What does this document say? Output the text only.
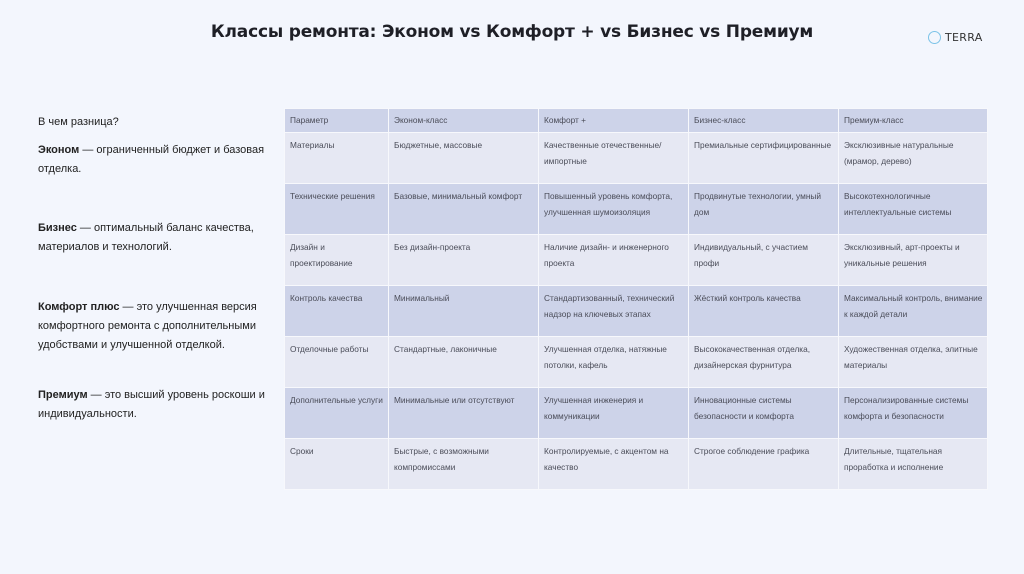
Классы ремонта: Эконом vs Комфорт + vs Бизнес vs Премиум	TERRA

В чем разница?

Эконом — ограниченный бюджет и базовая отделка.

Бизнес — оптимальный баланс качества, материалов и технологий.

Комфорт плюс — это улучшенная версия комфортного ремонта с дополнительными удобствами и улучшенной отделкой.

Премиум — это высший уровень роскоши и индивидуальности.

Параметр	Эконом-класс	Комфорт +	Бизнес-класс	Премиум-класс
Материалы	Бюджетные, массовые	Качественные отечественные/импортные	Премиальные сертифицированные	Эксклюзивные натуральные (мрамор, дерево)
Технические решения	Базовые, минимальный комфорт	Повышенный уровень комфорта, улучшенная шумоизоляция	Продвинутые технологии, умный дом	Высокотехнологичные интеллектуальные системы
Дизайн и проектирование	Без дизайн-проекта	Наличие дизайн- и инженерного проекта	Индивидуальный, с участием профи	Эксклюзивный, арт-проекты и уникальные решения
Контроль качества	Минимальный	Стандартизованный, технический надзор на ключевых этапах	Жёсткий контроль качества	Максимальный контроль, внимание к каждой детали
Отделочные работы	Стандартные, лаконичные	Улучшенная отделка, натяжные потолки, кафель	Высококачественная отделка, дизайнерская фурнитура	Художественная отделка, элитные материалы
Дополнительные услуги	Минимальные или отсутствуют	Улучшенная инженерия и коммуникации	Инновационные системы безопасности и комфорта	Персонализированные системы комфорта и безопасности
Сроки	Быстрые, с возможными компромиссами	Контролируемые, с акцентом на качество	Строгое соблюдение графика	Длительные, тщательная проработка и исполнение
